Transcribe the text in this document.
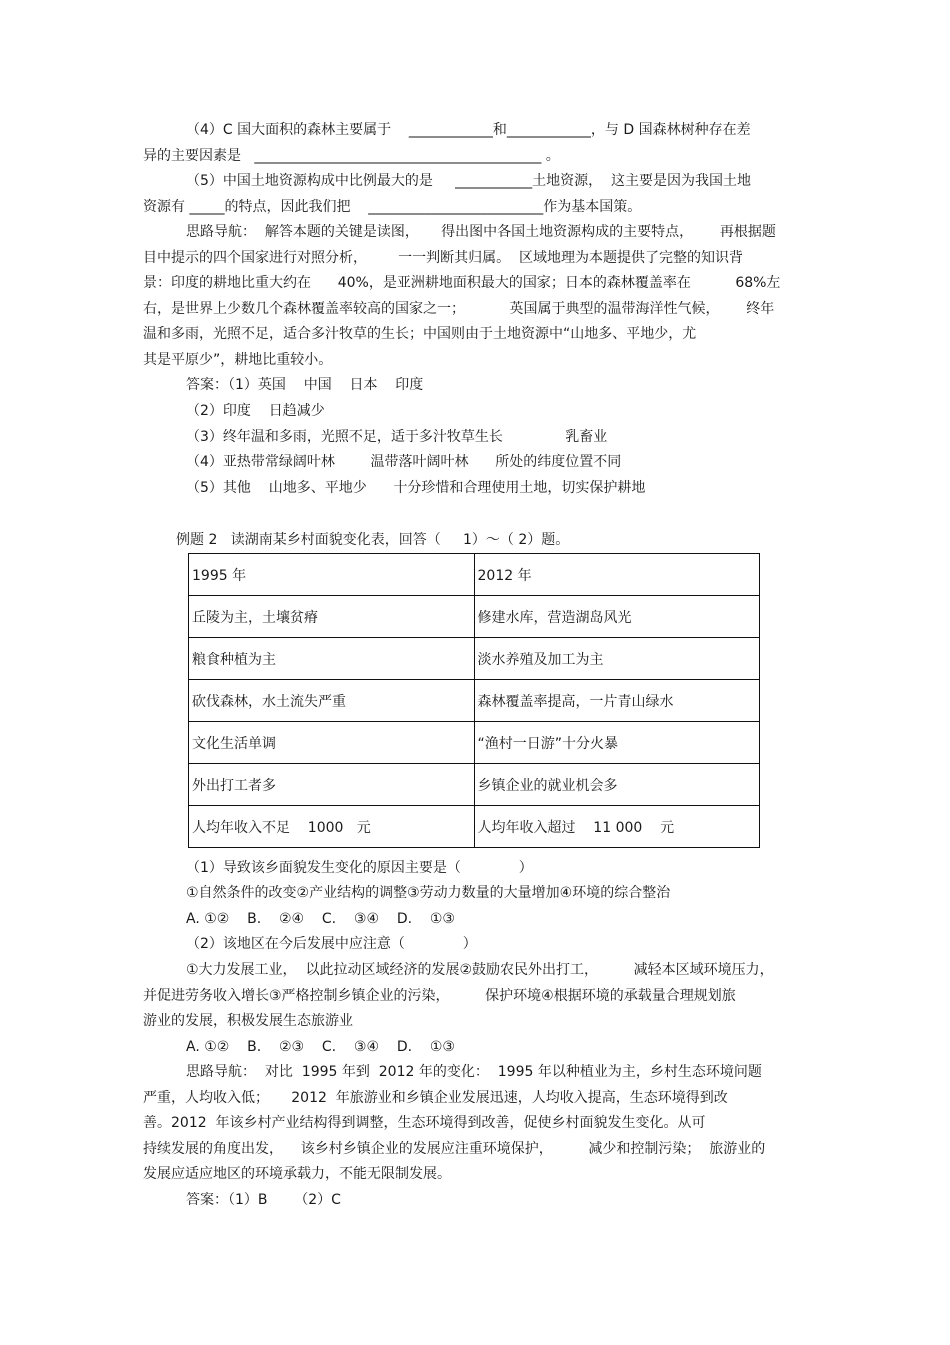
（4）C 国大面积的森林主要属于    ____________和____________，与 D 国森林树种存在差
异的主要因素是   _________________________________________ 。
（5）中国土地资源构成中比例最大的是     ___________土地资源，  这主要是因为我国土地
资源有 _____的特点，因此我们把    _________________________作为基本国策。
思路导航：  解答本题的关键是读图，     得出图中各国土地资源构成的主要特点，      再根据题
目中提示的四个国家进行对照分析，       一一判断其归属。  区域地理为本题提供了完整的知识背
景：印度的耕地比重大约在      40%，是亚洲耕地面积最大的国家；日本的森林覆盖率在          68%左
右，是世界上少数几个森林覆盖率较高的国家之一；          英国属于典型的温带海洋性气候，      终年
温和多雨，光照不足，适合多汁牧草的生长；中国则由于土地资源中“山地多、平地少，尤
其是平原少”，耕地比重较小。
答案：（1）英国    中国    日本    印度
（2）印度    日趋减少
（3）终年温和多雨，光照不足，适于多汁牧草生长              乳畜业
（4）亚热带常绿阔叶林        温带落叶阔叶林      所处的纬度位置不同
（5）其他    山地多、平地少      十分珍惜和合理使用土地，切实保护耕地
例题 2   读湖南某乡村面貌变化表，回答（     1）～（ 2）题。
1995 年	2012 年
丘陵为主，土壤贫瘠	修建水库，营造湖岛风光
粮食种植为主	淡水养殖及加工为主
砍伐森林，水土流失严重	森林覆盖率提高，一片青山绿水
文化生活单调	“渔村一日游”十分火暴
外出打工者多	乡镇企业的就业机会多
人均年收入不足    1000   元	人均年收入超过    11 000    元
（1）导致该乡面貌发生变化的原因主要是（             ）
①自然条件的改变②产业结构的调整③劳动力数量的大量增加④环境的综合整治
A. ①②    B.    ②④    C.    ③④    D.    ①③
（2）该地区在今后发展中应注意（             ）
①大力发展工业，  以此拉动区域经济的发展②鼓励农民外出打工，        减轻本区域环境压力，
并促进劳务收入增长③严格控制乡镇企业的污染，        保护环境④根据环境的承载量合理规划旅
游业的发展，积极发展生态旅游业
A. ①②    B.    ②③    C.    ③④    D.    ①③
思路导航：  对比  1995 年到  2012 年的变化：  1995 年以种植业为主，乡村生态环境问题
严重，人均收入低；     2012  年旅游业和乡镇企业发展迅速，人均收入提高，生态环境得到改
善。2012  年该乡村产业结构得到调整，生态环境得到改善，促使乡村面貌发生变化。从可
持续发展的角度出发，    该乡村乡镇企业的发展应注重环境保护，        减少和控制污染；  旅游业的
发展应适应地区的环境承载力，不能无限制发展。
答案：（1）B      （2）C
